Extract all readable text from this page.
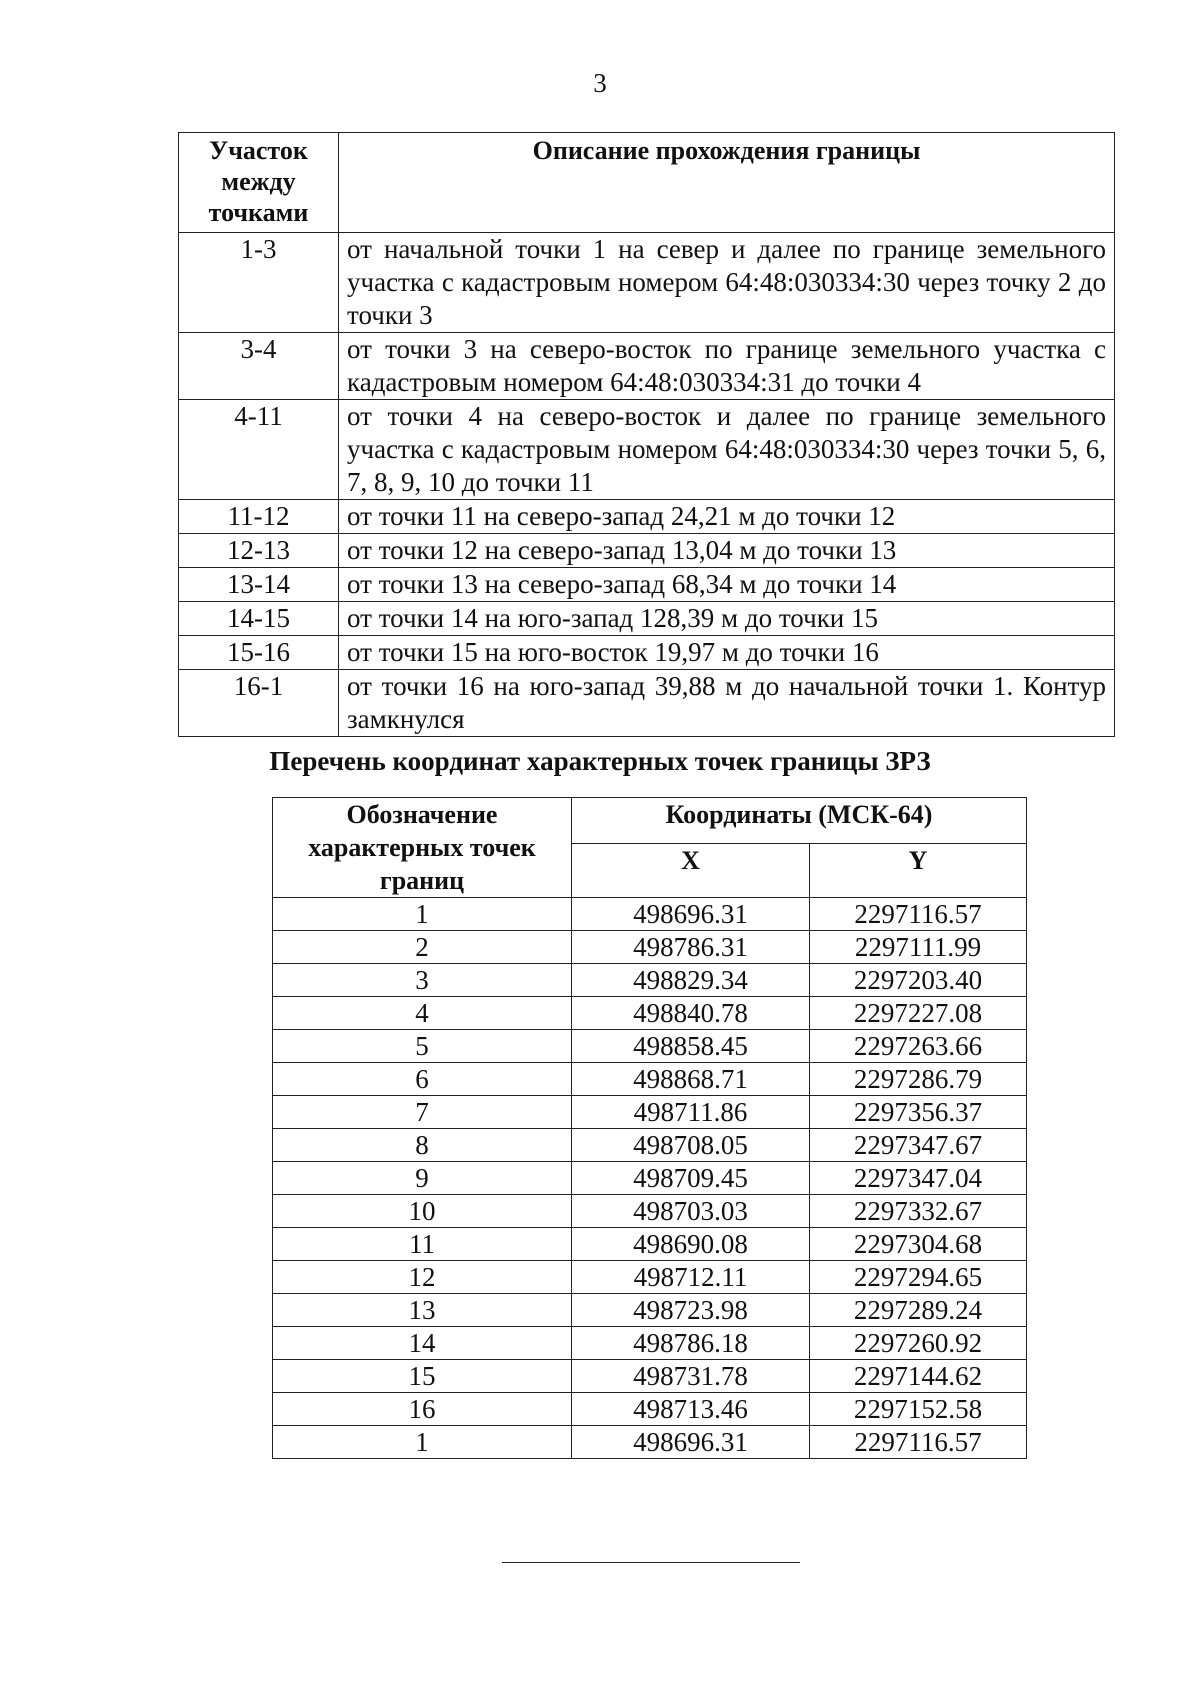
3
Участок между точками	Описание прохождения границы
1-3	от начальной точки 1 на север и далее по границе земельного участка с кадастровым номером 64:48:030334:30 через точку 2 до точки 3
3-4	от точки 3 на северо-восток по границе земельного участка с кадастровым номером 64:48:030334:31 до точки 4
4-11	от точки 4 на северо-восток и далее по границе земельного участка с кадастровым номером 64:48:030334:30 через точки 5, 6, 7, 8, 9, 10 до точки 11
11-12	от точки 11 на северо-запад 24,21 м до точки 12
12-13	от точки 12 на северо-запад 13,04 м до точки 13
13-14	от точки 13 на северо-запад 68,34 м до точки 14
14-15	от точки 14 на юго-запад 128,39 м до точки 15
15-16	от точки 15 на юго-восток 19,97 м до точки 16
16-1	от точки 16 на юго-запад 39,88 м до начальной точки 1. Контур замкнулся
Перечень координат характерных точек границы ЗРЗ
Обозначение характерных точек границ	Координаты (МСК-64)	
	X	Y
1	498696.31	2297116.57
2	498786.31	2297111.99
3	498829.34	2297203.40
4	498840.78	2297227.08
5	498858.45	2297263.66
6	498868.71	2297286.79
7	498711.86	2297356.37
8	498708.05	2297347.67
9	498709.45	2297347.04
10	498703.03	2297332.67
11	498690.08	2297304.68
12	498712.11	2297294.65
13	498723.98	2297289.24
14	498786.18	2297260.92
15	498731.78	2297144.62
16	498713.46	2297152.58
1	498696.31	2297116.57
